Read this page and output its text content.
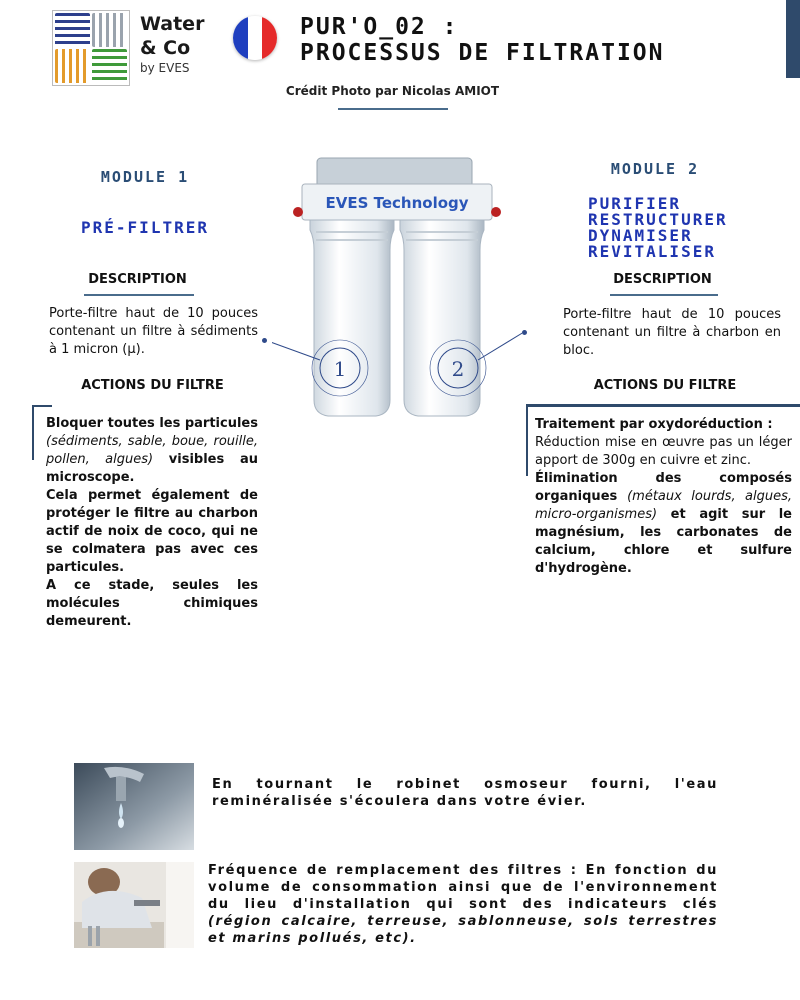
Water
& Co
by EVES
PUR'O_02 :
PROCESSUS DE FILTRATION
Crédit Photo par Nicolas AMIOT
EVES Technology
1	2
MODULE 1
PRÉ-FILTRER
DESCRIPTION
Porte-filtre haut de 10 pouces contenant un filtre à sédiments à 1 micron (µ).
ACTIONS DU FILTRE
Bloquer toutes les particules (sédiments, sable, boue, rouille, pollen, algues) visibles au microscope.
Cela permet également de protéger le filtre au charbon actif de noix de coco, qui ne se colmatera pas avec ces particules.
A ce stade, seules les molécules chimiques demeurent.
MODULE 2
PURIFIER
RESTRUCTURER
DYNAMISER
REVITALISER
DESCRIPTION
Porte-filtre haut de 10 pouces contenant un filtre à charbon en bloc.
ACTIONS DU FILTRE
Traitement par oxydoréduction :
Réduction mise en œuvre pas un léger apport de 300g en cuivre et zinc.
Élimination des composés organiques (métaux lourds, algues, micro-organismes) et agit sur le magnésium, les carbonates de calcium, chlore et sulfure d'hydrogène.
En tournant le robinet osmoseur fourni, l'eau reminéralisée s'écoulera dans votre évier.
Fréquence de remplacement des filtres : En fonction du volume de consommation ainsi que de l'environnement du lieu d'installation qui sont des indicateurs clés (région calcaire, terreuse, sablonneuse, sols terrestres et marins pollués, etc).
